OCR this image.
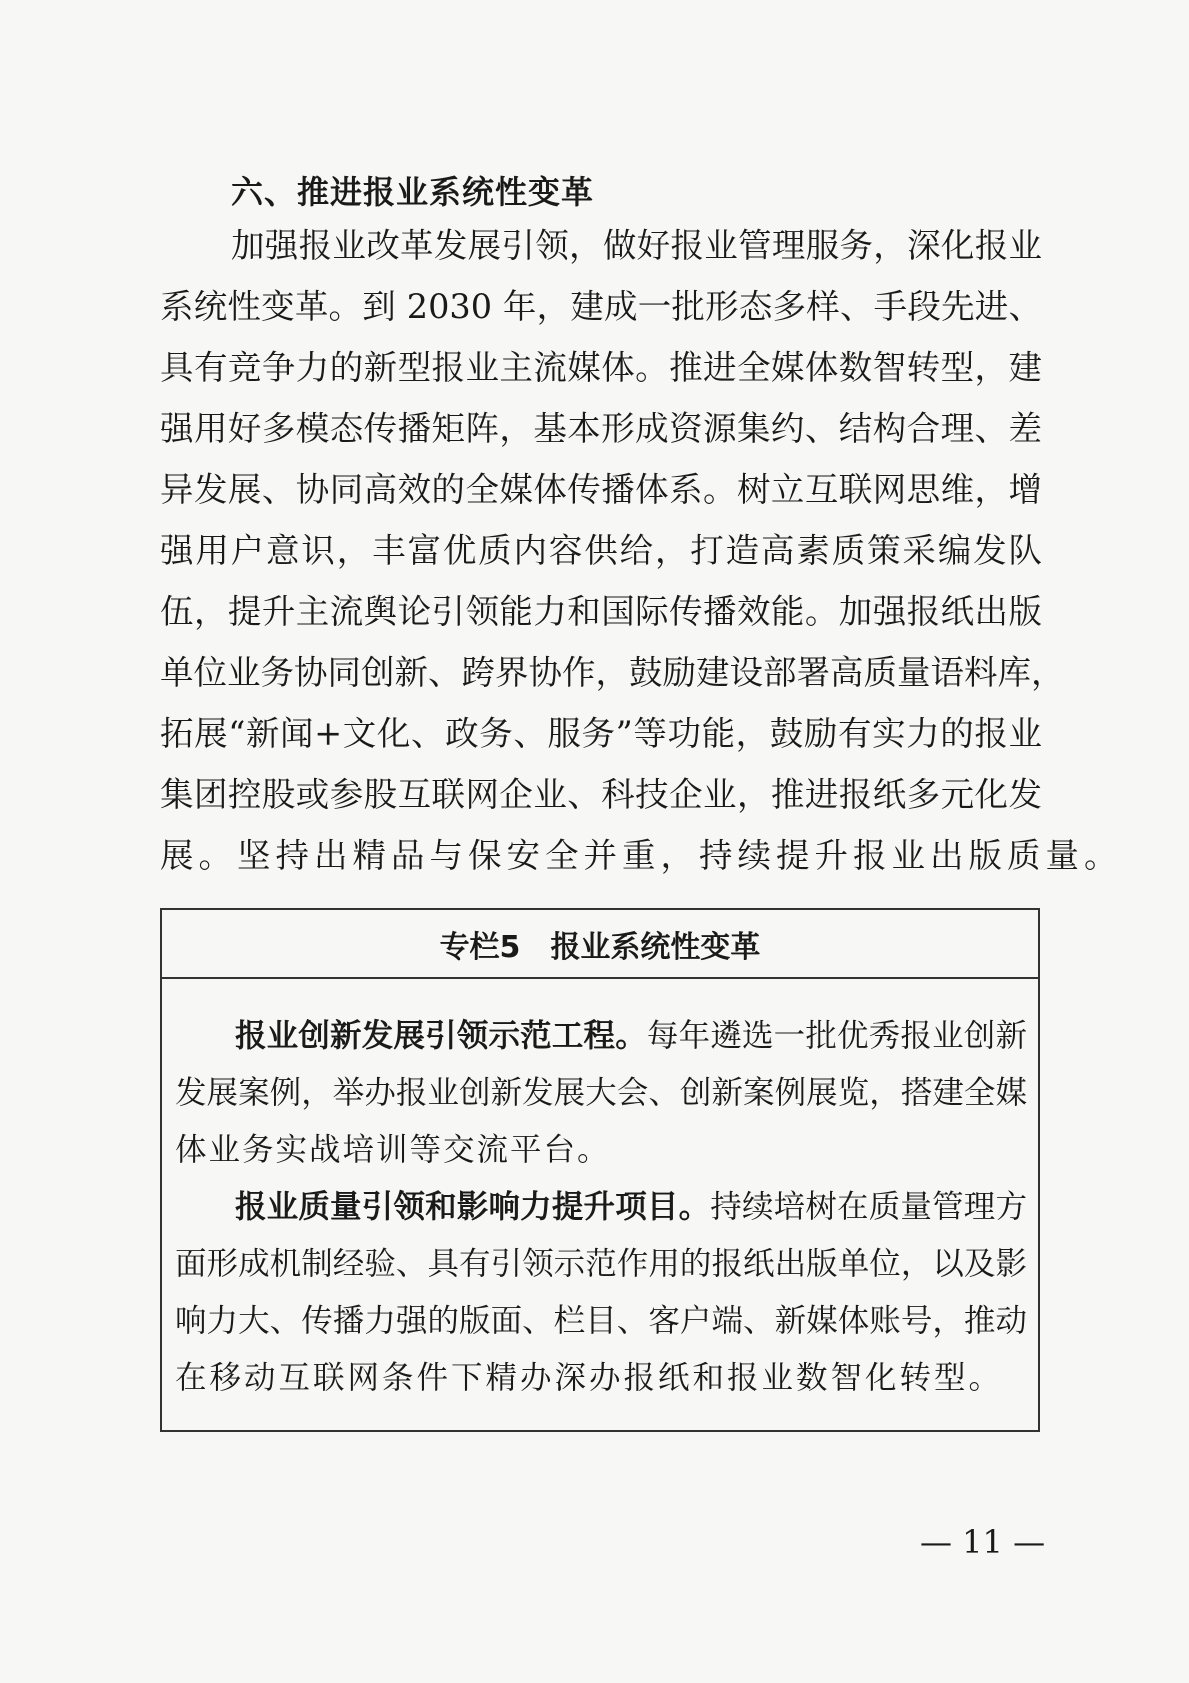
六、推进报业系统性变革
加强报业改革发展引领，做好报业管理服务，深化报业
系统性变革。到 2030 年，建成一批形态多样、手段先进、
具有竞争力的新型报业主流媒体。推进全媒体数智转型，建
强用好多模态传播矩阵，基本形成资源集约、结构合理、差
异发展、协同高效的全媒体传播体系。树立互联网思维，增
强用户意识，丰富优质内容供给，打造高素质策采编发队
伍，提升主流舆论引领能力和国际传播效能。加强报纸出版
单位业务协同创新、跨界协作，鼓励建设部署高质量语料库，
拓展“新闻+文化、政务、服务”等功能，鼓励有实力的报业
集团控股或参股互联网企业、科技企业，推进报纸多元化发
展。坚持出精品与保安全并重，持续提升报业出版质量。
专栏5 报业系统性变革
报业创新发展引领示范工程。每年遴选一批优秀报业创新
发展案例，举办报业创新发展大会、创新案例展览，搭建全媒
体业务实战培训等交流平台。
报业质量引领和影响力提升项目。持续培树在质量管理方
面形成机制经验、具有引领示范作用的报纸出版单位，以及影
响力大、传播力强的版面、栏目、客户端、新媒体账号，推动
在移动互联网条件下精办深办报纸和报业数智化转型。
— 11 —
